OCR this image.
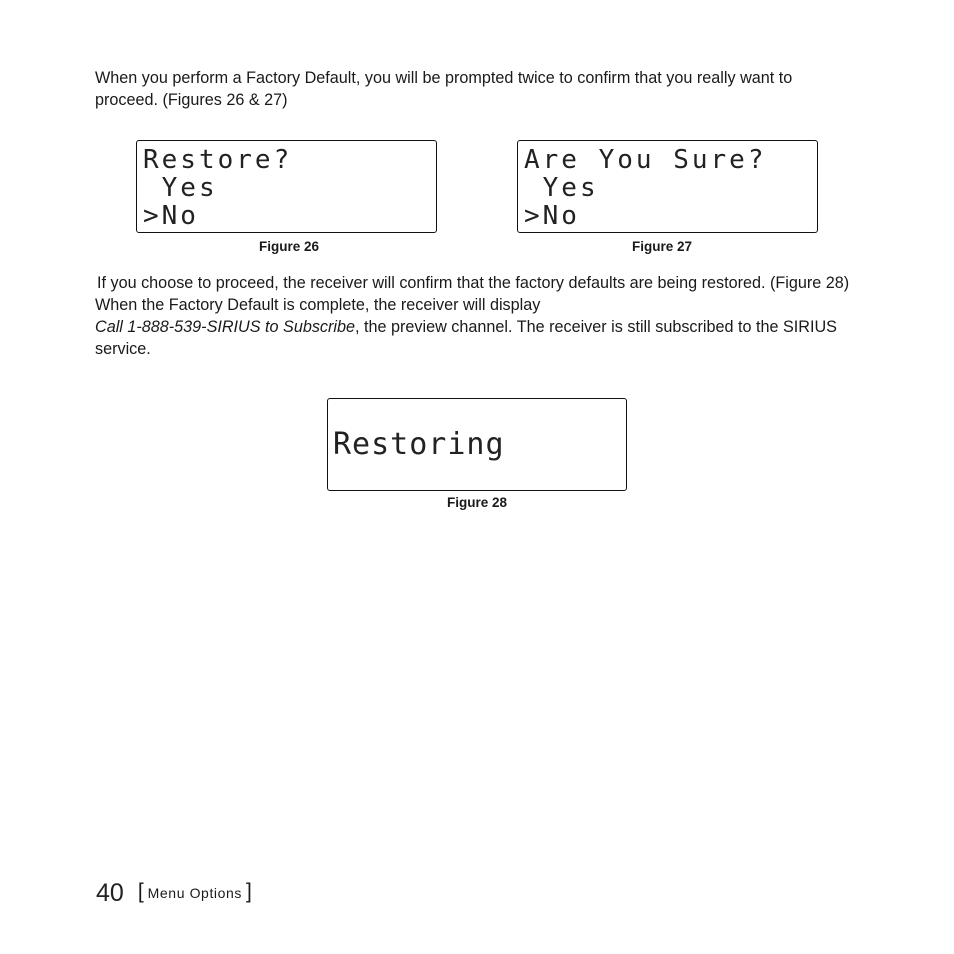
When you perform a Factory Default, you will be prompted twice to confirm that you really want to proceed. (Figures 26 & 27)

Restore?
Yes
>No
Figure 26
Are You Sure?
Yes
>No
Figure 27

If you choose to proceed, the receiver will confirm that the factory defaults are being restored. (Figure 28) When the Factory Default is complete, the receiver will displayCall 1-888-539-SIRIUS to Subscribe, the preview channel. The receiver is still subscribed to the SIRIUS service.

Restoring
Figure 28
40 [ Menu Options ]
